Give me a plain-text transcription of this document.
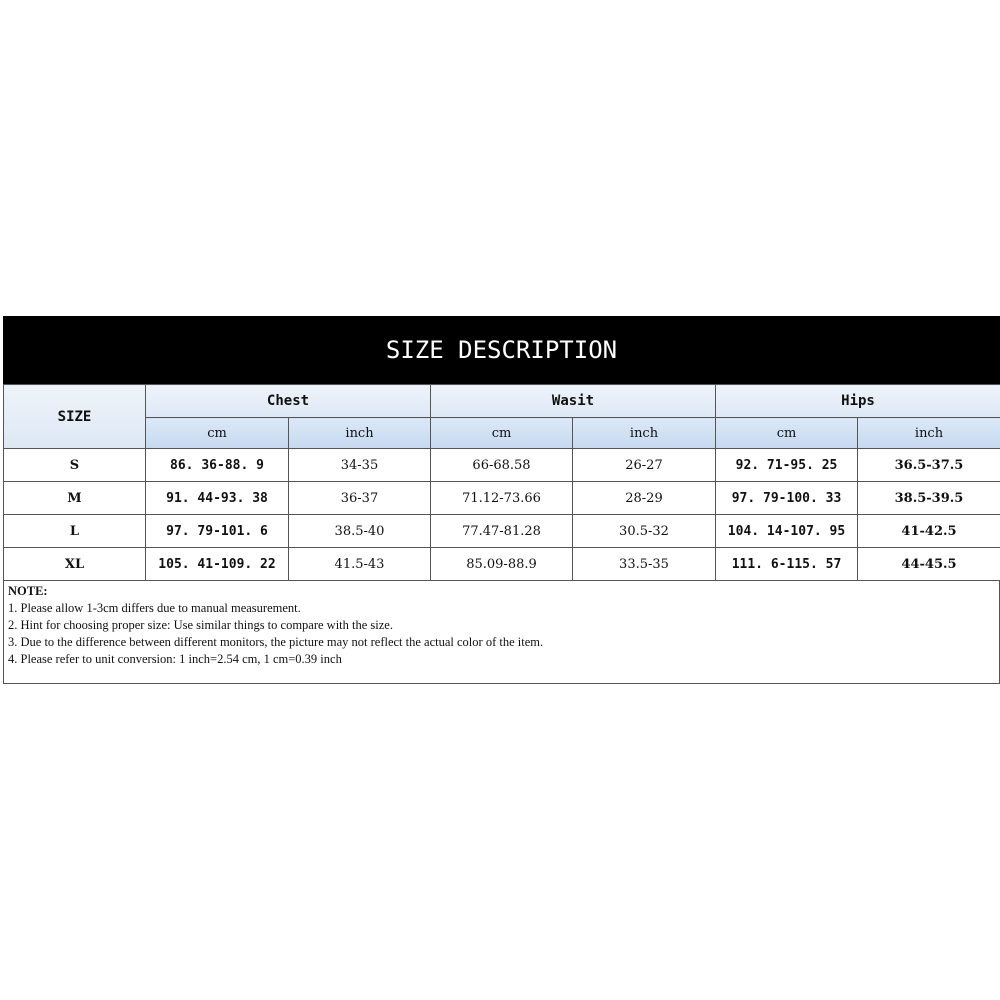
SIZE DESCRIPTION
SIZE	Chest		Wasit		Hips	
	cm	inch	cm	inch	cm	inch
S	86. 36-88. 9	34-35	66-68.58	26-27	92. 71-95. 25	36.5-37.5
M	91. 44-93. 38	36-37	71.12-73.66	28-29	97. 79-100. 33	38.5-39.5
L	97. 79-101. 6	38.5-40	77.47-81.28	30.5-32	104. 14-107. 95	41-42.5
XL	105. 41-109. 22	41.5-43	85.09-88.9	33.5-35	111. 6-115. 57	44-45.5
NOTE:
1. Please allow 1-3cm differs due to manual measurement.
2. Hint for choosing proper size: Use similar things to compare with the size.
3. Due to the difference between different monitors, the picture may not reflect the actual color of the item.
4. Please refer to unit conversion: 1 inch=2.54 cm, 1 cm=0.39 inch
